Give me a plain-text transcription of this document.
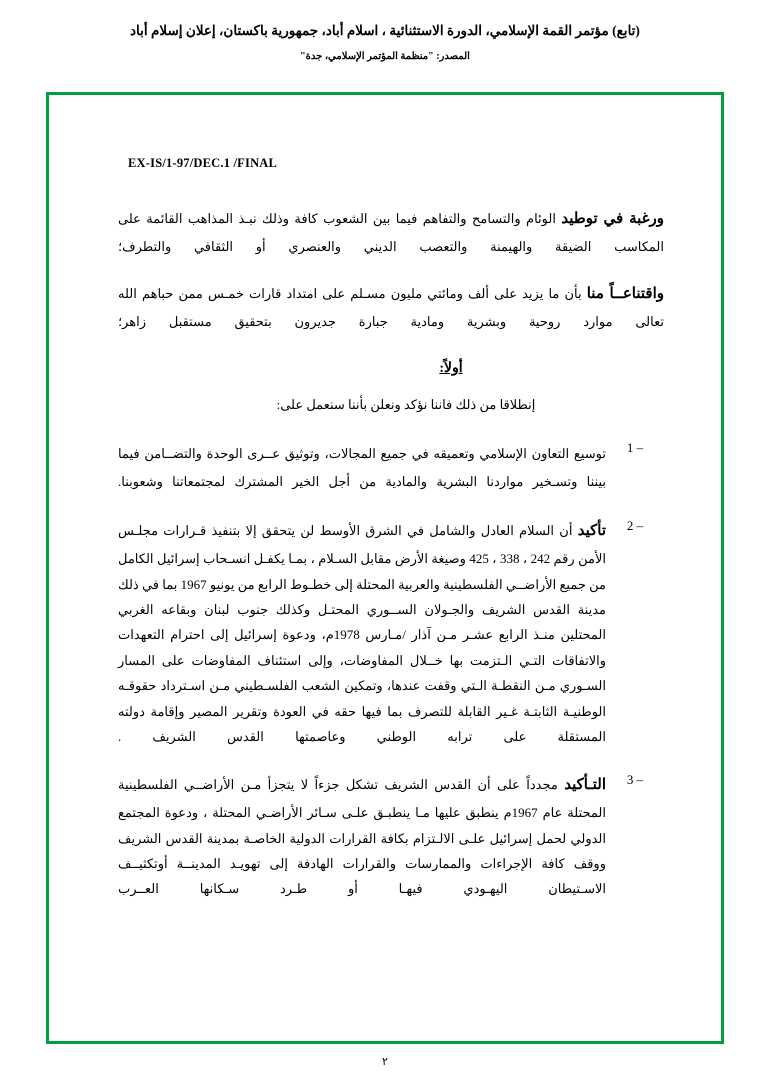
(تابع) مؤتمر القمة الإسلامي، الدورة الاستثنائية ، اسلام أباد، جمهورية باكستان، إعلان إسلام أباد
المصدر: "منظمة المؤتمر الإسلامي، جدة"
EX-IS/1-97/DEC.1 /FINAL
ورغبة في توطيد الوئام والتسامح والتفاهم فيما بين الشعوب كافة وذلك نبـذ المذاهب القائمة على المكاسب الضيقة والهيمنة والتعصب الديني والعنصري أو الثقافي والتطرف؛
واقتناعــاً منا بأن ما يزيد على ألف ومائتي مليون مسـلم على امتداد قارات خمـس ممن حباهم الله تعالى موارد روحية وبشرية ومادية جبارة جديرون بتحقيق مستقبل زاهر؛
أولاً:
إنطلاقا من ذلك فاننا نؤكد ونعلن بأننا سنعمل على:
1 –
توسيع التعاون الإسلامي وتعميقه في جميع المجالات، وتوثيق عــرى الوحدة والتضــامن فيما بيننا وتسـخير مواردنا البشرية والمادية من أجل الخير المشترك لمجتمعاتنا وشعوبنا.
2 –
تأكيد أن السلام العادل والشامل في الشرق الأوسط لن يتحقق إلا بتنفيذ قـرارات مجلـس الأمن رقم 242 ، 338 ، 425 وصيغة الأرض مقابل السـلام ، بمـا يكفـل انسـحاب إسرائيل الكامل من جميع الأراضــي الفلسطينية والعربية المحتلة إلى خطـوط الرابع من يونيو 1967 بما في ذلك مدينة القدس الشريف والجـولان الســوري المحتـل وكذلك جنوب لبنان وبقاعه الغربي المحتلين منـذ الرابع عشـر مـن آذار /مـارس 1978م، ودعوة إسرائيل إلى احترام التعهدات والاتفاقات التـي الـتزمت بها خــلال المفاوضات، وإلى استئناف المفاوضات على المسار السـوري مـن النقطـة الـتي وقفت عندها، وتمكين الشعب الفلسـطيني مـن اسـترداد حقوقـه الوطنيـة الثابتـة غـير القابلة للتصرف بما فيها حقه في العودة وتقرير المصير وإقامة دولته المستقلة على ترابه الوطني وعاصمتها القدس الشريف .
3 –
التـأكيد مجدداً على أن القدس الشريف تشكل جزءاً لا يتجزأ مـن الأراضــي الفلسطينية المحتلة عام 1967م ينطبق عليها مـا ينطبـق علـى سـائر الأراضـي المحتلة ، ودعوة المجتمع الدولي لحمل إسرائيل علـى الالـتزام بكافة القرارات الدولية الخاصـة بمدينة القدس الشريف ووقف كافة الإجراءات والممارسات والقرارات الهادفة إلى تهويـد المدينــة أوتكثيــف الاسـتيطان اليهـودي فيهـا أو طـرد سـكانها العــرب
٢
